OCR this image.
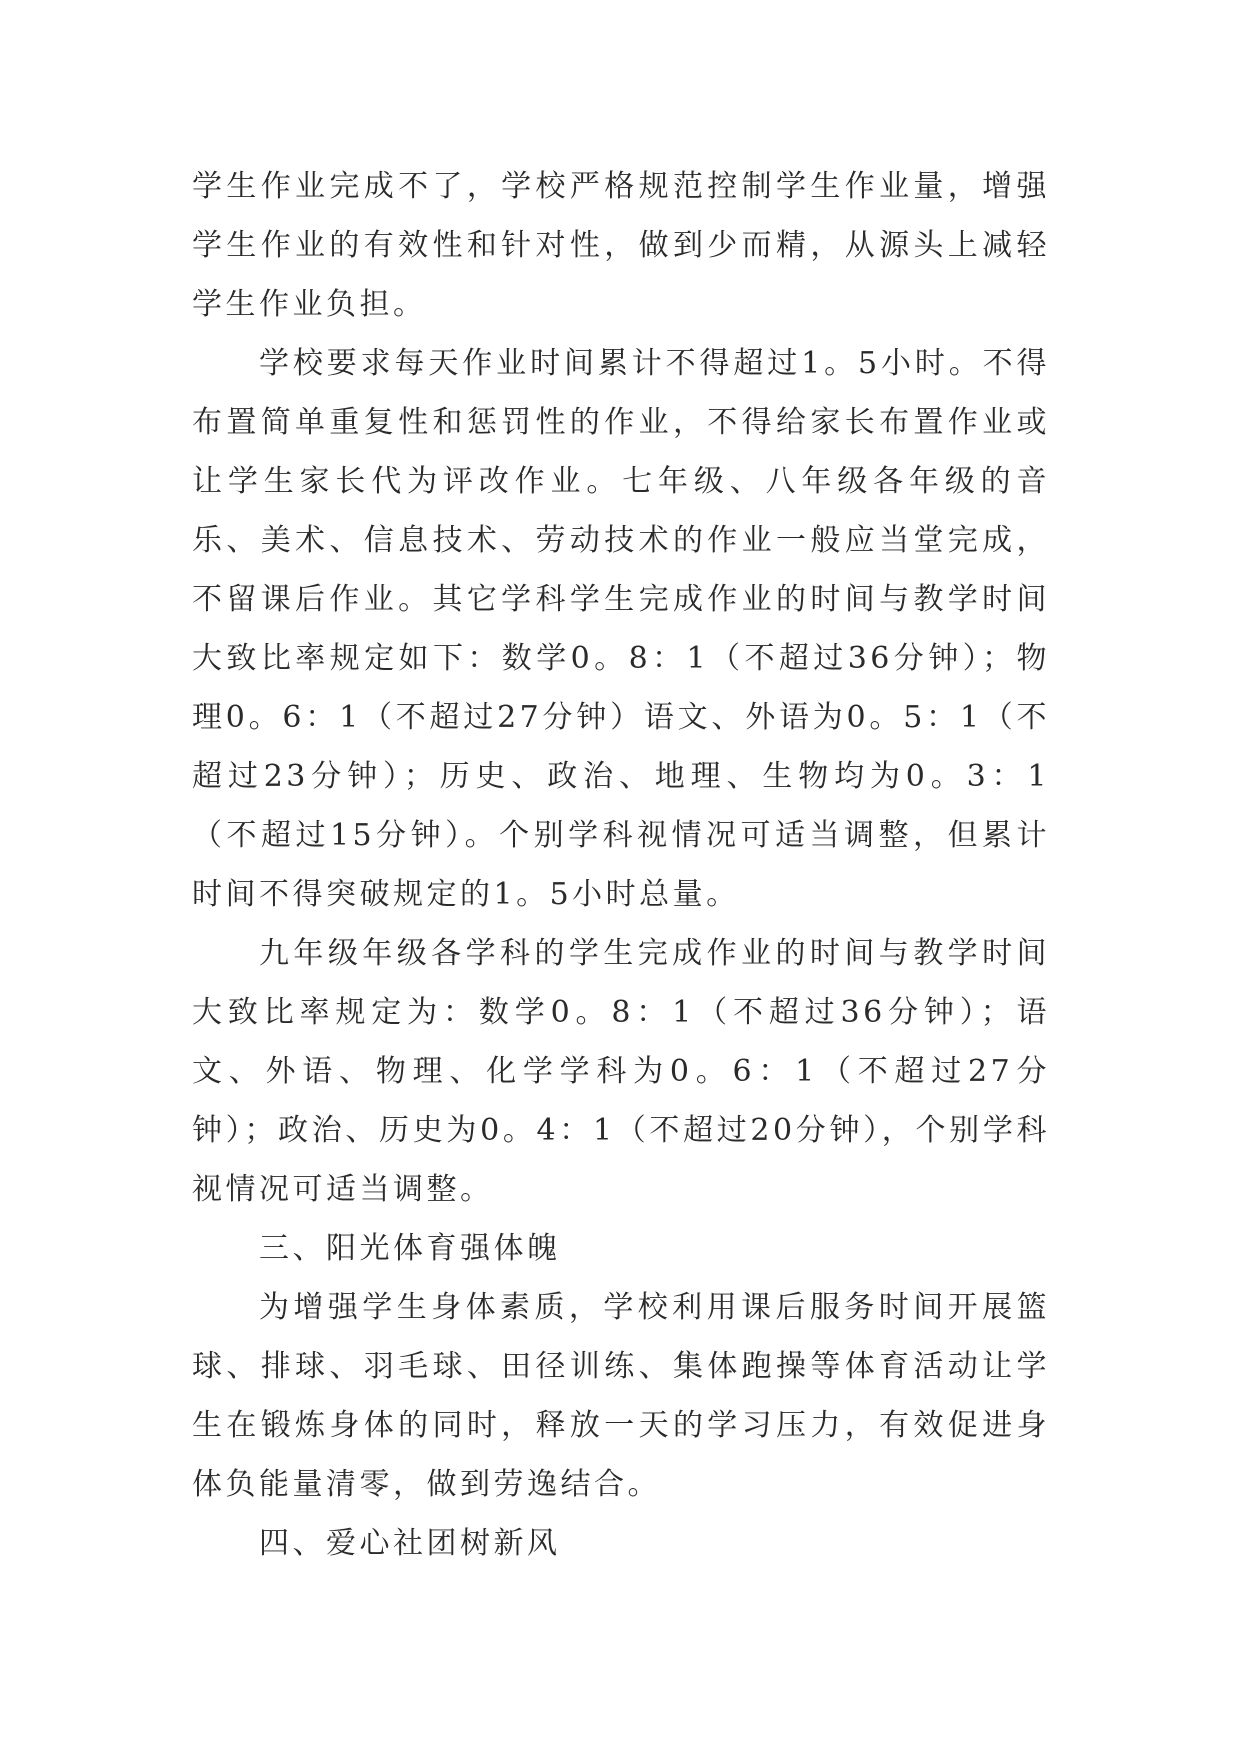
学生作业完成不了，学校严格规范控制学生作业量，增强学生作业的有效性和针对性，做到少而精，从源头上减轻学生作业负担。

学校要求每天作业时间累计不得超过1。5小时。不得布置简单重复性和惩罚性的作业，不得给家长布置作业或让学生家长代为评改作业。七年级、八年级各年级的音乐、美术、信息技术、劳动技术的作业一般应当堂完成，不留课后作业。其它学科学生完成作业的时间与教学时间大致比率规定如下：数学0。8：1（不超过36分钟）；物理0。6：1（不超过27分钟）语文、外语为0。5：1（不超过23分钟）；历史、政治、地理、生物均为0。3：1（不超过15分钟）。个别学科视情况可适当调整，但累计时间不得突破规定的1。5小时总量。

九年级年级各学科的学生完成作业的时间与教学时间大致比率规定为：数学0。8：1（不超过36分钟）；语文、外语、物理、化学学科为0。6：1（不超过27分钟）；政治、历史为0。4：1（不超过20分钟），个别学科视情况可适当调整。

三、阳光体育强体魄

为增强学生身体素质，学校利用课后服务时间开展篮球、排球、羽毛球、田径训练、集体跑操等体育活动让学生在锻炼身体的同时，释放一天的学习压力，有效促进身体负能量清零，做到劳逸结合。

四、爱心社团树新风
